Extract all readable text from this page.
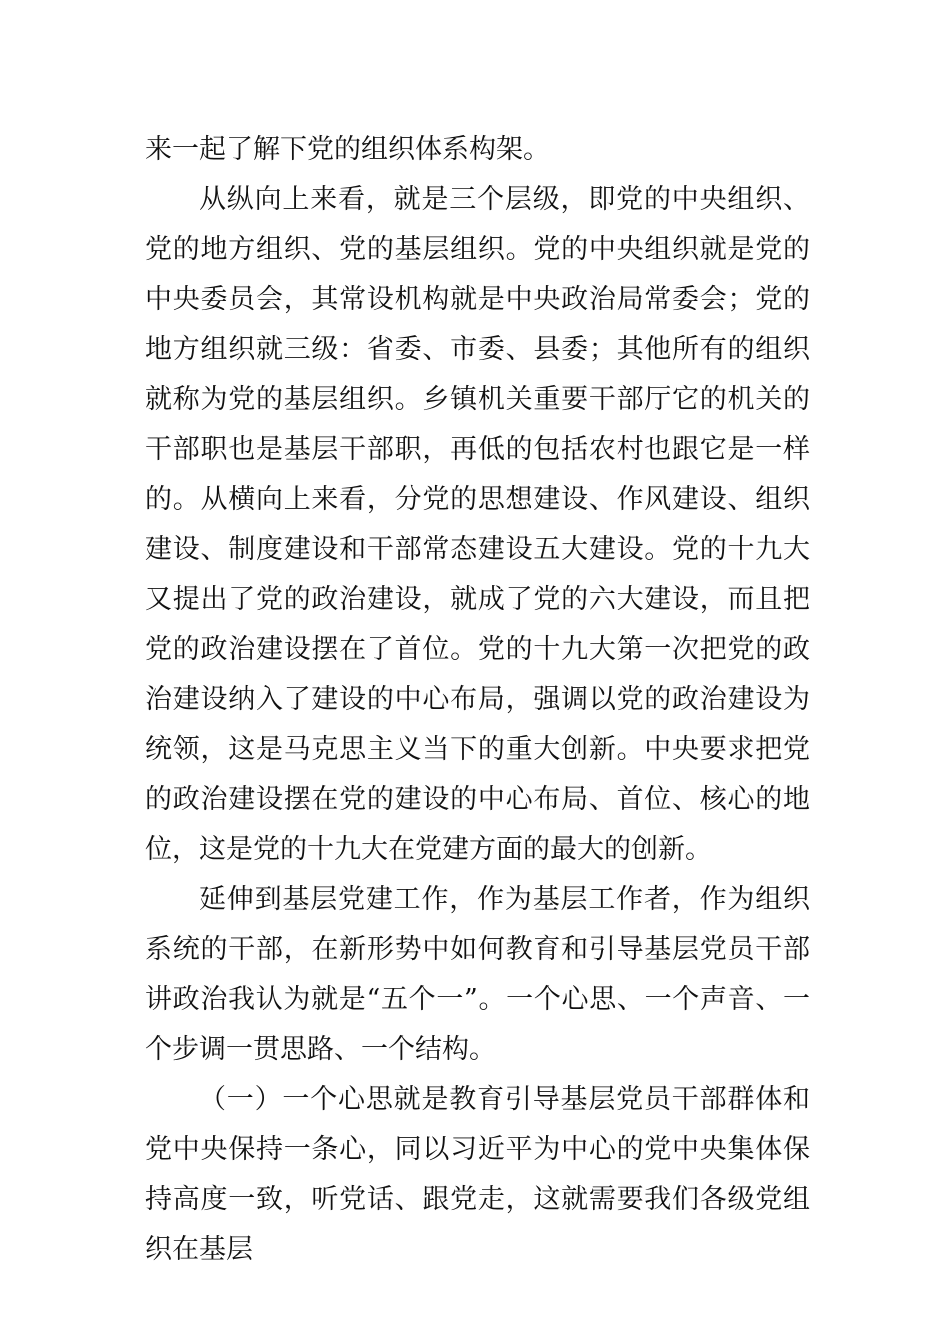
来一起了解下党的组织体系构架。

从纵向上来看，就是三个层级，即党的中央组织、党的地方组织、党的基层组织。党的中央组织就是党的中央委员会，其常设机构就是中央政治局常委会；党的地方组织就三级：省委、市委、县委；其他所有的组织就称为党的基层组织。乡镇机关重要干部厅它的机关的干部职也是基层干部职，再低的包括农村也跟它是一样的。从横向上来看，分党的思想建设、作风建设、组织建设、制度建设和干部常态建设五大建设。党的十九大又提出了党的政治建设，就成了党的六大建设，而且把党的政治建设摆在了首位。党的十九大第一次把党的政治建设纳入了建设的中心布局，强调以党的政治建设为统领，这是马克思主义当下的重大创新。中央要求把党的政治建设摆在党的建设的中心布局、首位、核心的地位，这是党的十九大在党建方面的最大的创新。

延伸到基层党建工作，作为基层工作者，作为组织系统的干部，在新形势中如何教育和引导基层党员干部讲政治我认为就是“五个一”。一个心思、一个声音、一个步调一贯思路、一个结构。

（一）一个心思就是教育引导基层党员干部群体和党中央保持一条心，同以习近平为中心的党中央集体保持高度一致，听党话、跟党走，这就需要我们各级党组织在基层
